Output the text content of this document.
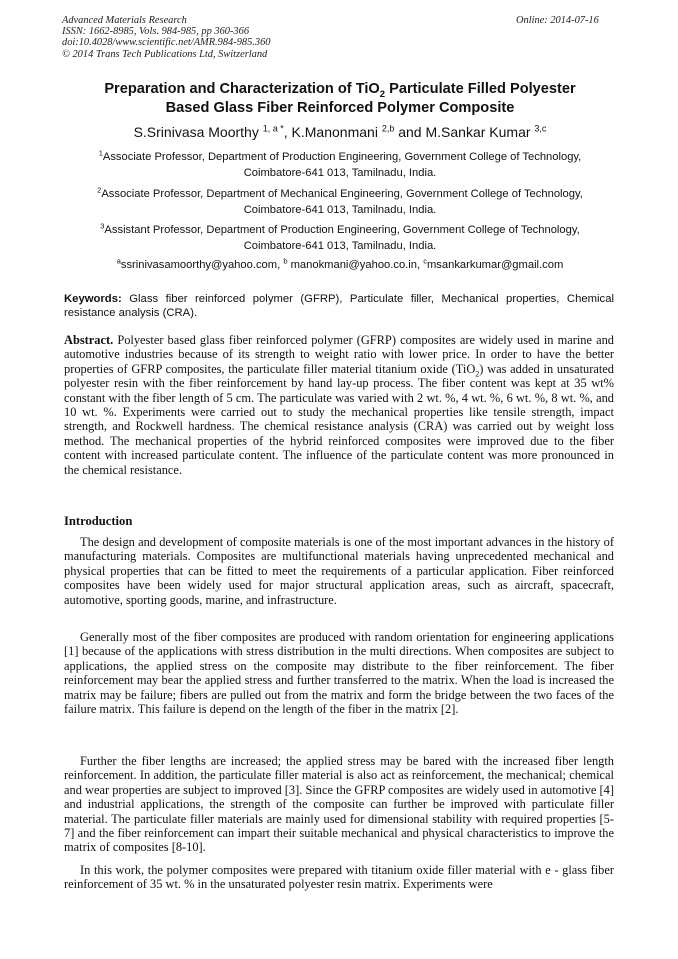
Advanced Materials Research
ISSN: 1662-8985, Vols. 984-985, pp 360-366
doi:10.4028/www.scientific.net/AMR.984-985.360
© 2014 Trans Tech Publications Ltd, Switzerland
Online: 2014-07-16
Preparation and Characterization of TiO$_2$ Particulate Filled Polyester
Based Glass Fiber Reinforced Polymer Composite
S.Srinivasa Moorthy $^{1, a *}$, K.Manonmani $^{2,b}$ and M.Sankar Kumar $^{3,c}$
$^1$Associate Professor, Department of Production Engineering, Government College of Technology,
Coimbatore-641 013, Tamilnadu, India.
$^2$Associate Professor, Department of Mechanical Engineering, Government College of Technology,
Coimbatore-641 013, Tamilnadu, India.
$^3$Assistant Professor, Department of Production Engineering, Government College of Technology,
Coimbatore-641 013, Tamilnadu, India.
$^a$ssrinivasamoorthy@yahoo.com, $^b$ manokmani@yahoo.co.in, $^c$msankarkumar@gmail.com
Keywords: Glass fiber reinforced polymer (GFRP), Particulate filler, Mechanical properties, Chemical resistance analysis (CRA).
Abstract. Polyester based glass fiber reinforced polymer (GFRP) composites are widely used in marine and automotive industries because of its strength to weight ratio with lower price. In order to have the better properties of GFRP composites, the particulate filler material titanium oxide (TiO$_2$) was added in unsaturated polyester resin with the fiber reinforcement by hand lay-up process. The fiber content was kept at 35 wt% constant with the fiber length of 5 cm. The particulate was varied with 2 wt. %, 4 wt. %, 6 wt. %, 8 wt. %, and 10 wt. %. Experiments were carried out to study the mechanical properties like tensile strength, impact strength, and Rockwell hardness. The chemical resistance analysis (CRA) was carried out by weight loss method. The mechanical properties of the hybrid reinforced composites were improved due to the fiber content with increased particulate content. The influence of the particulate content was more pronounced in the chemical resistance.
Introduction
The design and development of composite materials is one of the most important advances in the history of manufacturing materials. Composites are multifunctional materials having unprecedented mechanical and physical properties that can be fitted to meet the requirements of a particular application. Fiber reinforced composites have been widely used for major structural application areas, such as aircraft, spacecraft, automotive, sporting goods, marine, and infrastructure.
Generally most of the fiber composites are produced with random orientation for engineering applications [1] because of the applications with stress distribution in the multi directions. When composites are subject to applications, the applied stress on the composite may distribute to the fiber reinforcement. The fiber reinforcement may bear the applied stress and further transferred to the matrix. When the load is increased the matrix may be failure; fibers are pulled out from the matrix and form the bridge between the two faces of the failure matrix. This failure is depend on the length of the fiber in the matrix [2].
Further the fiber lengths are increased; the applied stress may be bared with the increased fiber length reinforcement. In addition, the particulate filler material is also act as reinforcement, the mechanical; chemical and wear properties are subject to improved [3]. Since the GFRP composites are widely used in automotive [4] and industrial applications, the strength of the composite can further be improved with particulate filler material. The particulate filler materials are mainly used for dimensional stability with required properties [5-7] and the fiber reinforcement can impart their suitable mechanical and physical characteristics to improve the matrix of composites [8-10].
In this work, the polymer composites were prepared with titanium oxide filler material with e - glass fiber reinforcement of 35 wt. % in the unsaturated polyester resin matrix. Experiments were
